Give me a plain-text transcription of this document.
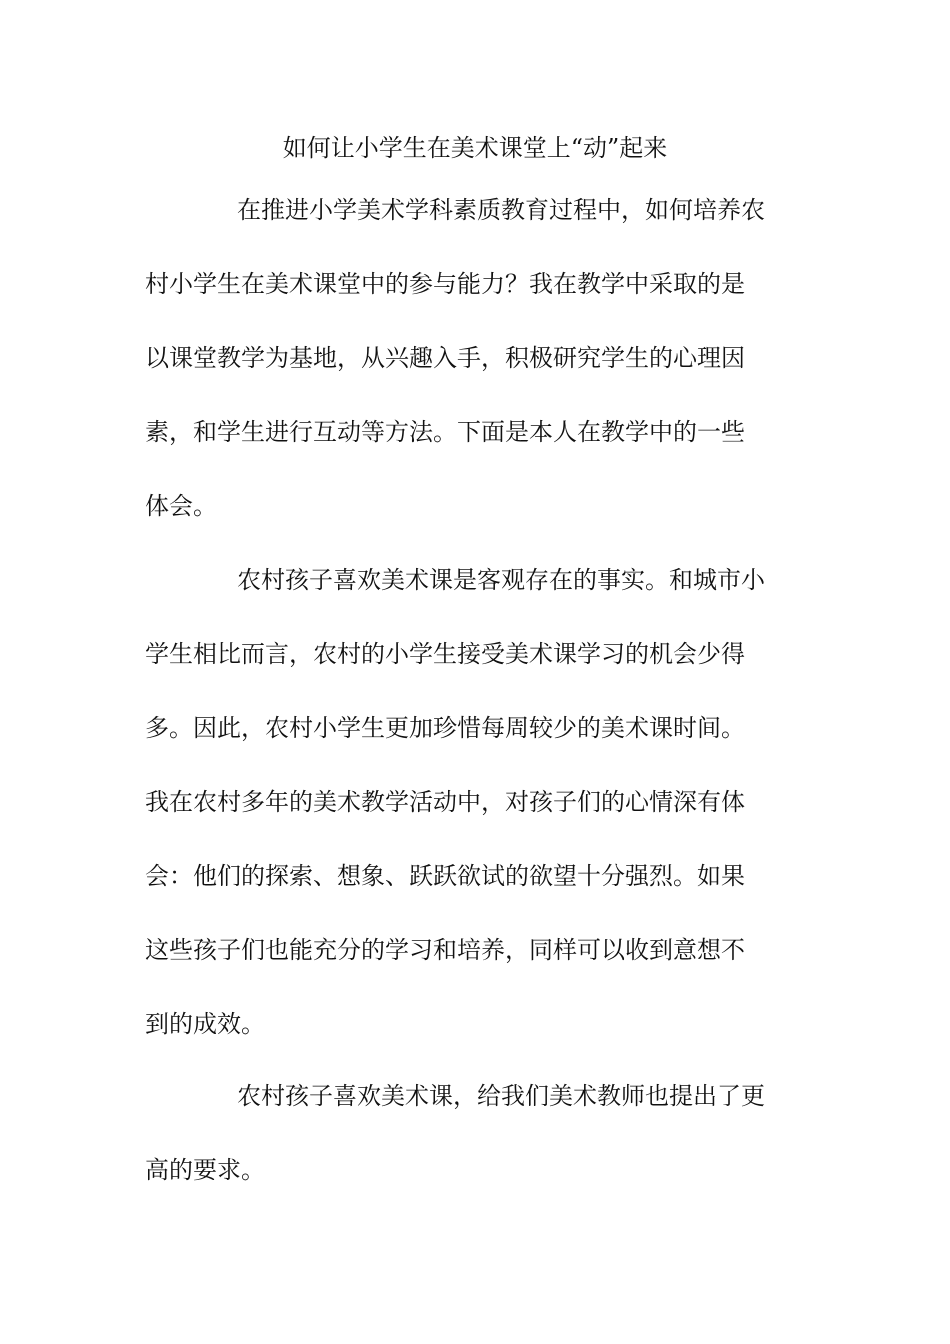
如何让小学生在美术课堂上“动”起来
在推进小学美术学科素质教育过程中，如何培养农
村小学生在美术课堂中的参与能力？我在教学中采取的是
以课堂教学为基地，从兴趣入手，积极研究学生的心理因
素，和学生进行互动等方法。下面是本人在教学中的一些
体会。
农村孩子喜欢美术课是客观存在的事实。和城市小
学生相比而言，农村的小学生接受美术课学习的机会少得
多。因此，农村小学生更加珍惜每周较少的美术课时间。
我在农村多年的美术教学活动中，对孩子们的心情深有体
会：他们的探索、想象、跃跃欲试的欲望十分强烈。如果
这些孩子们也能充分的学习和培养，同样可以收到意想不
到的成效。
农村孩子喜欢美术课，给我们美术教师也提出了更
高的要求。
